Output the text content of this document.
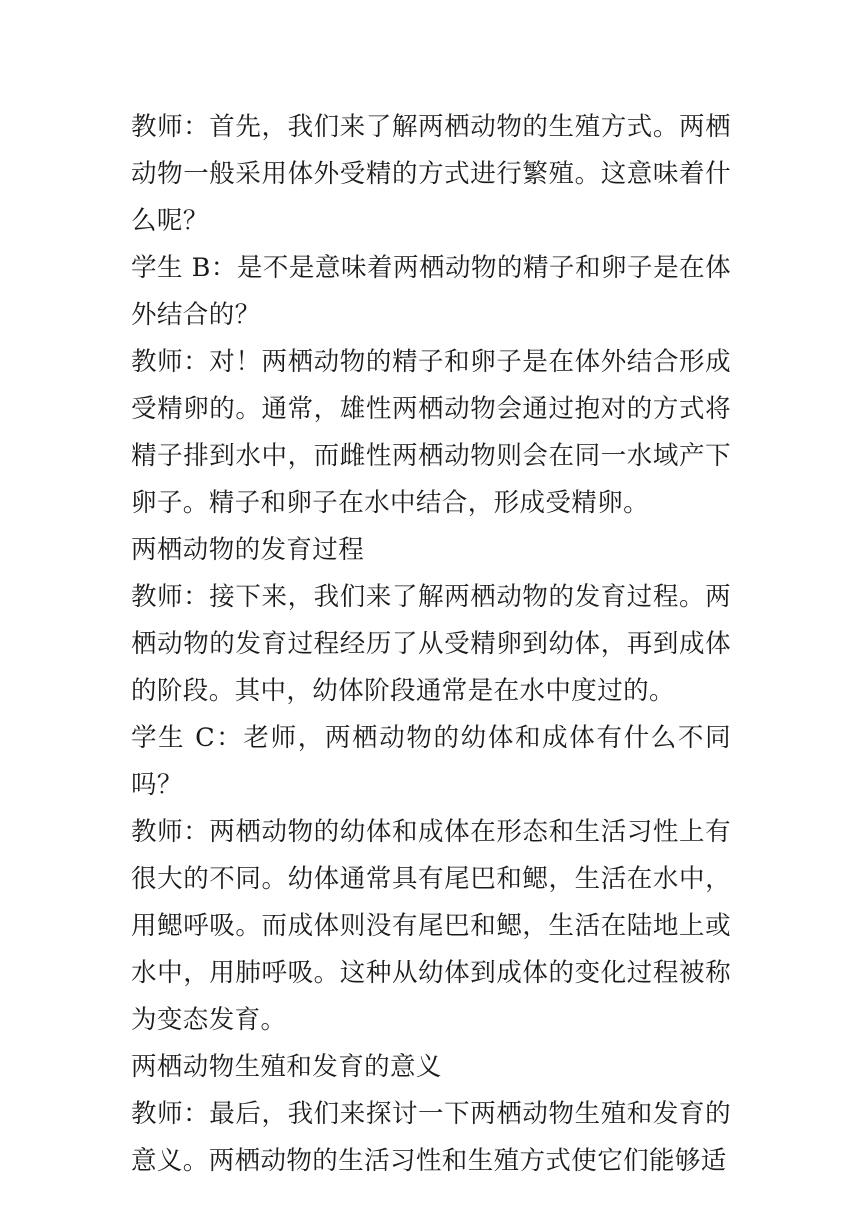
教师：首先，我们来了解两栖动物的生殖方式。两栖动物一般采用体外受精的方式进行繁殖。这意味着什么呢？

学生 B：是不是意味着两栖动物的精子和卵子是在体外结合的？

教师：对！两栖动物的精子和卵子是在体外结合形成受精卵的。通常，雄性两栖动物会通过抱对的方式将精子排到水中，而雌性两栖动物则会在同一水域产下卵子。精子和卵子在水中结合，形成受精卵。

两栖动物的发育过程

教师：接下来，我们来了解两栖动物的发育过程。两栖动物的发育过程经历了从受精卵到幼体，再到成体的阶段。其中，幼体阶段通常是在水中度过的。

学生 C：老师，两栖动物的幼体和成体有什么不同吗？

教师：两栖动物的幼体和成体在形态和生活习性上有很大的不同。幼体通常具有尾巴和鳃，生活在水中，用鳃呼吸。而成体则没有尾巴和鳃，生活在陆地上或水中，用肺呼吸。这种从幼体到成体的变化过程被称为变态发育。

两栖动物生殖和发育的意义

教师：最后，我们来探讨一下两栖动物生殖和发育的意义。两栖动物的生活习性和生殖方式使它们能够适
